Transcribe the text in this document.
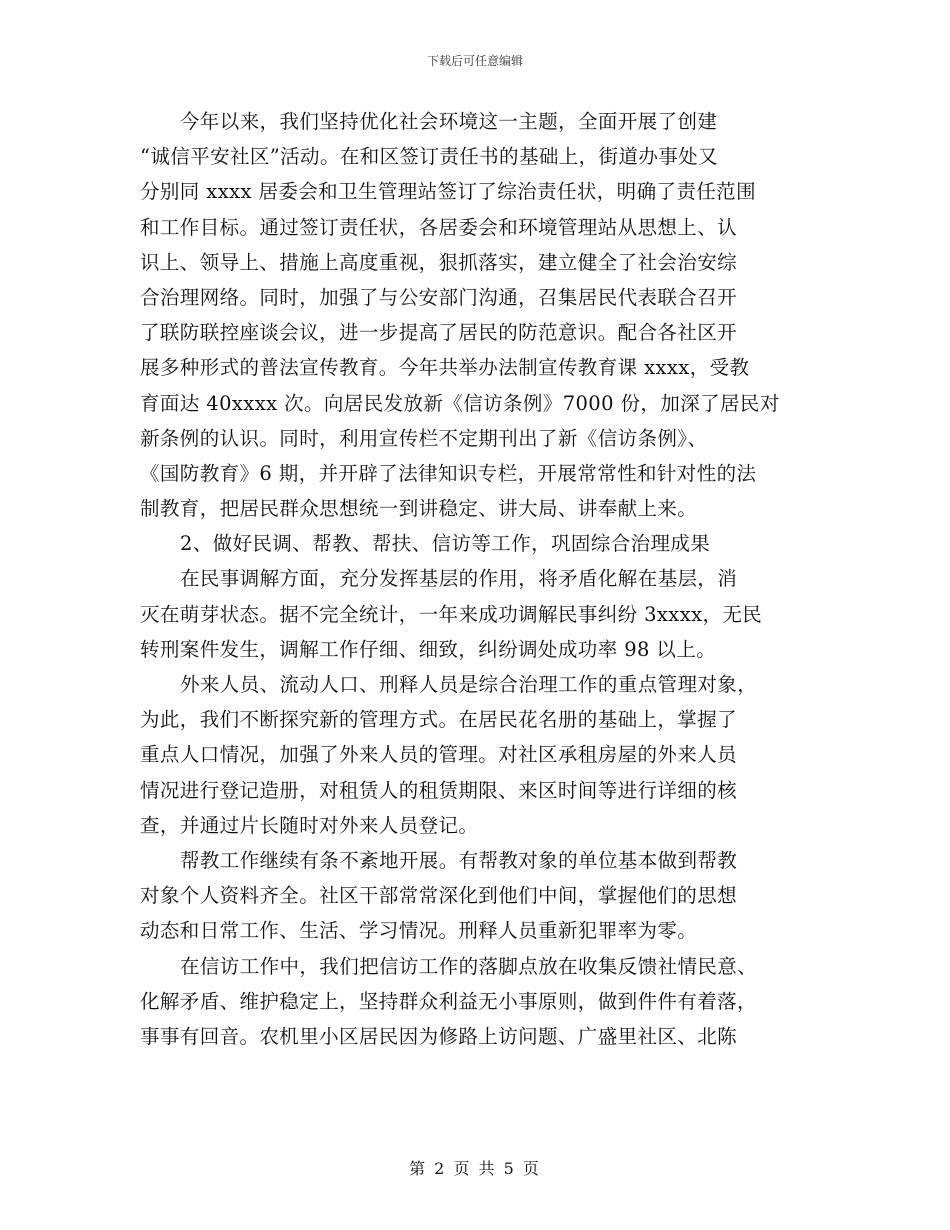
下载后可任意编辑
今年以来，我们坚持优化社会环境这一主题，全面开展了创建
“诚信平安社区”活动。在和区签订责任书的基础上，街道办事处又
分别同 xxxx 居委会和卫生管理站签订了综治责任状，明确了责任范围
和工作目标。通过签订责任状，各居委会和环境管理站从思想上、认
识上、领导上、措施上高度重视，狠抓落实，建立健全了社会治安综
合治理网络。同时，加强了与公安部门沟通，召集居民代表联合召开
了联防联控座谈会议，进一步提高了居民的防范意识。配合各社区开
展多种形式的普法宣传教育。今年共举办法制宣传教育课 xxxx，受教
育面达 40xxxx 次。向居民发放新《信访条例》7000 份，加深了居民对
新条例的认识。同时，利用宣传栏不定期刊出了新《信访条例》、
《国防教育》6 期，并开辟了法律知识专栏，开展常常性和针对性的法
制教育，把居民群众思想统一到讲稳定、讲大局、讲奉献上来。
2、做好民调、帮教、帮扶、信访等工作，巩固综合治理成果
在民事调解方面，充分发挥基层的作用，将矛盾化解在基层，消
灭在萌芽状态。据不完全统计，一年来成功调解民事纠纷 3xxxx，无民
转刑案件发生，调解工作仔细、细致，纠纷调处成功率 98 以上。
外来人员、流动人口、刑释人员是综合治理工作的重点管理对象，
为此，我们不断探究新的管理方式。在居民花名册的基础上，掌握了
重点人口情况，加强了外来人员的管理。对社区承租房屋的外来人员
情况进行登记造册，对租赁人的租赁期限、来区时间等进行详细的核
查，并通过片长随时对外来人员登记。
帮教工作继续有条不紊地开展。有帮教对象的单位基本做到帮教
对象个人资料齐全。社区干部常常深化到他们中间，掌握他们的思想
动态和日常工作、生活、学习情况。刑释人员重新犯罪率为零。
在信访工作中，我们把信访工作的落脚点放在收集反馈社情民意、
化解矛盾、维护稳定上，坚持群众利益无小事原则，做到件件有着落，
事事有回音。农机里小区居民因为修路上访问题、广盛里社区、北陈
第 2 页 共 5 页
